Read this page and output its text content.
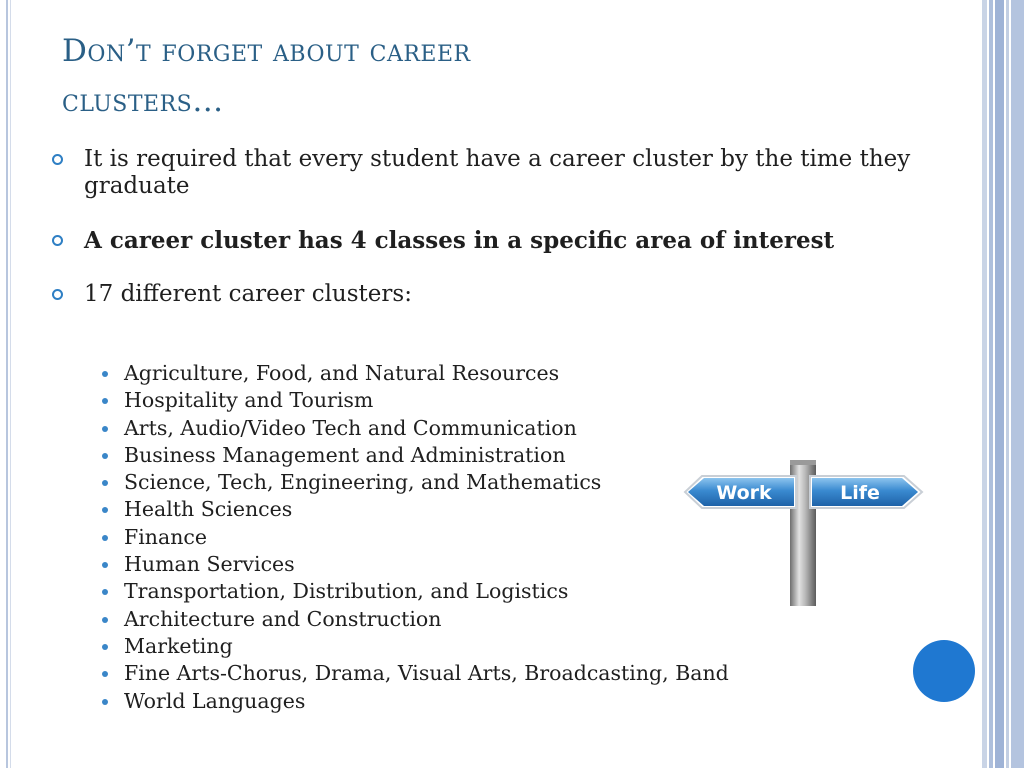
Don’t forget about career
clusters…
It is required that every student have a career cluster by the time they graduate
A career cluster has 4 classes in a specific area of interest
17 different career clusters:
Agriculture, Food, and Natural Resources
Hospitality and Tourism
Arts, Audio/Video Tech and Communication
Business Management and Administration
Science, Tech, Engineering, and Mathematics
Health Sciences
Finance
Human Services
Transportation, Distribution, and Logistics
Architecture and Construction
Marketing
Fine Arts-Chorus, Drama, Visual Arts, Broadcasting, Band
World Languages
Work	Life
